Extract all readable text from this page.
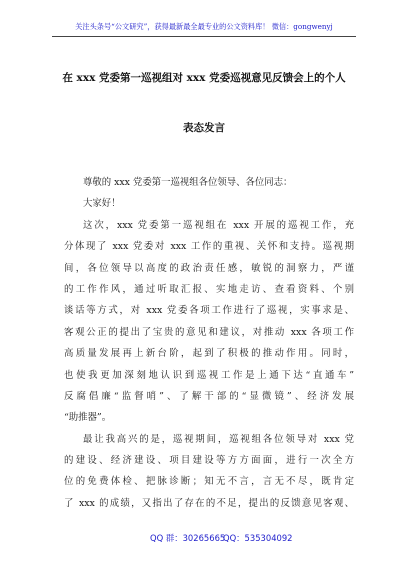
关注头条号“公文研究”，获得最新最全最专业的公文资料库！ 微信：gongwenyj
在 xxx 党委第一巡视组对 xxx 党委巡视意见反馈会上的个人
表态发言
尊敬的 xxx 党委第一巡视组各位领导、各位同志：
大家好！
这次，xxx 党委第一巡视组在 xxx 开展的巡视工作，充
分体现了 xxx 党委对 xxx 工作的重视、关怀和支持。巡视期
间，各位领导以高度的政治责任感，敏锐的洞察力，严谨
的工作作风，通过听取汇报、实地走访、查看资料、个别
谈话等方式，对 xxx 党委各项工作进行了巡视，实事求是、
客观公正的提出了宝贵的意见和建议，对推动 xxx 各项工作
高质量发展再上新台阶，起到了积极的推动作用。同时，
也使我更加深刻地认识到巡视工作是上通下达“直通车”
反腐倡廉“监督哨”、了解干部的“显微镜”、经济发展
“助推器”。
最让我高兴的是，巡视期间，巡视组各位领导对 xxx 党
的建设、经济建设、项目建设等方方面面，进行一次全方
位的免费体检、把脉诊断；知无不言，言无不尽，既肯定
了 xxx 的成绩，又指出了存在的不足，提出的反馈意见客观、
QQ 群：30265665
QQ：535304092
